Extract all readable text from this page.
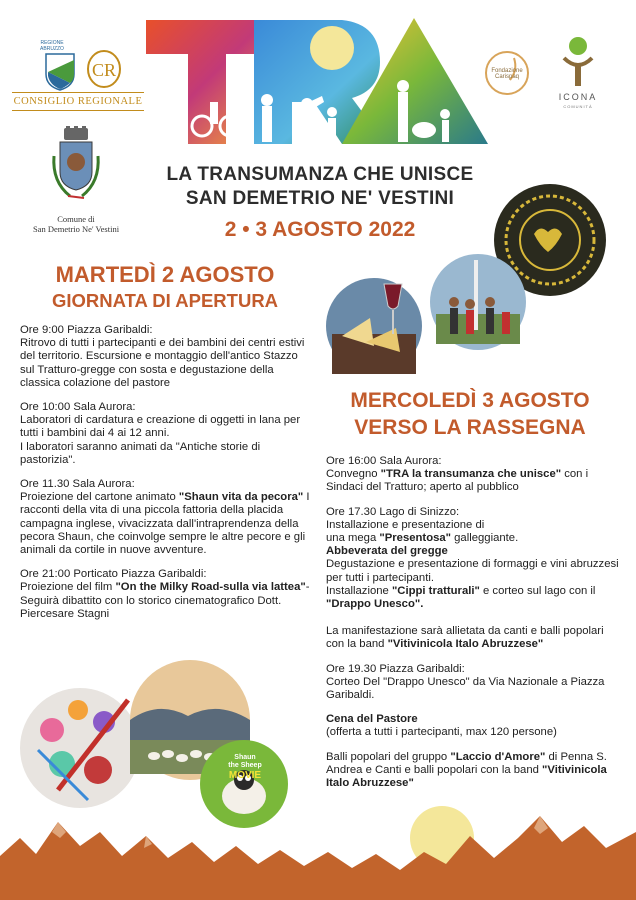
REGIONE ABRUZZO
CR
CONSIGLIO REGIONALE
Comune di
San Demetrio Ne' Vestini
Fondazione Carispaq
ICONA
COMUNITÀ
LA TRANSUMANZA CHE UNISCE
SAN DEMETRIO NE' VESTINI
2 • 3 AGOSTO 2022
MARTEDÌ 2 AGOSTO
GIORNATA DI APERTURA

Ore 9:00 Piazza Garibaldi:
Ritrovo di tutti i partecipanti e dei bambini dei centri estivi del territorio. Escursione e montaggio dell'antico Stazzo sul Tratturo-gregge con sosta e degustazione della classica colazione del pastore

Ore 10:00 Sala Aurora:
Laboratori di cardatura e creazione di oggetti in lana per tutti i bambini dai 4 ai 12 anni.
I laboratori saranno animati da "Antiche storie di pastorizia".

Ore 11.30 Sala Aurora:
Proiezione del cartone animato "Shaun vita da pecora" I racconti della vita di una piccola fattoria della placida campagna inglese, vivacizzata dall'intraprendenza della pecora Shaun, che coinvolge sempre le altre pecore e gli animali da cortile in nuove avventure.

Ore 21:00 Porticato Piazza Garibaldi:
Proiezione del film "On the Milky Road-sulla via lattea"- Seguirà dibattito con lo storico cinematografico Dott. Piercesare Stagni

MERCOLEDÌ 3 AGOSTO
VERSO LA RASSEGNA

Ore 16:00 Sala Aurora:
Convegno "TRA la transumanza che unisce" con i Sindaci del Tratturo; aperto al pubblico

Ore 17.30 Lago di Sinizzo:
Installazione e presentazione di
una mega "Presentosa" galleggiante.
Abbeverata del gregge
Degustazione e presentazione di formaggi e vini abruzzesi per tutti i partecipanti.
Installazione "Cippi tratturali" e corteo sul lago con il "Drappo Unesco".

La manifestazione sarà allietata da canti e balli popolari con la band "Vitivinicola Italo Abruzzese"

Ore 19.30 Piazza Garibaldi:
Corteo Del "Drappo Unesco" da Via Nazionale a Piazza Garibaldi.

Cena del Pastore
(offerta a tutti i partecipanti, max 120 persone)

Balli popolari del gruppo "Laccio d'Amore" di Penna S. Andrea e Canti e balli popolari con la band "Vitivinicola Italo Abruzzese"

Shaun
the Sheep
MOVIE
